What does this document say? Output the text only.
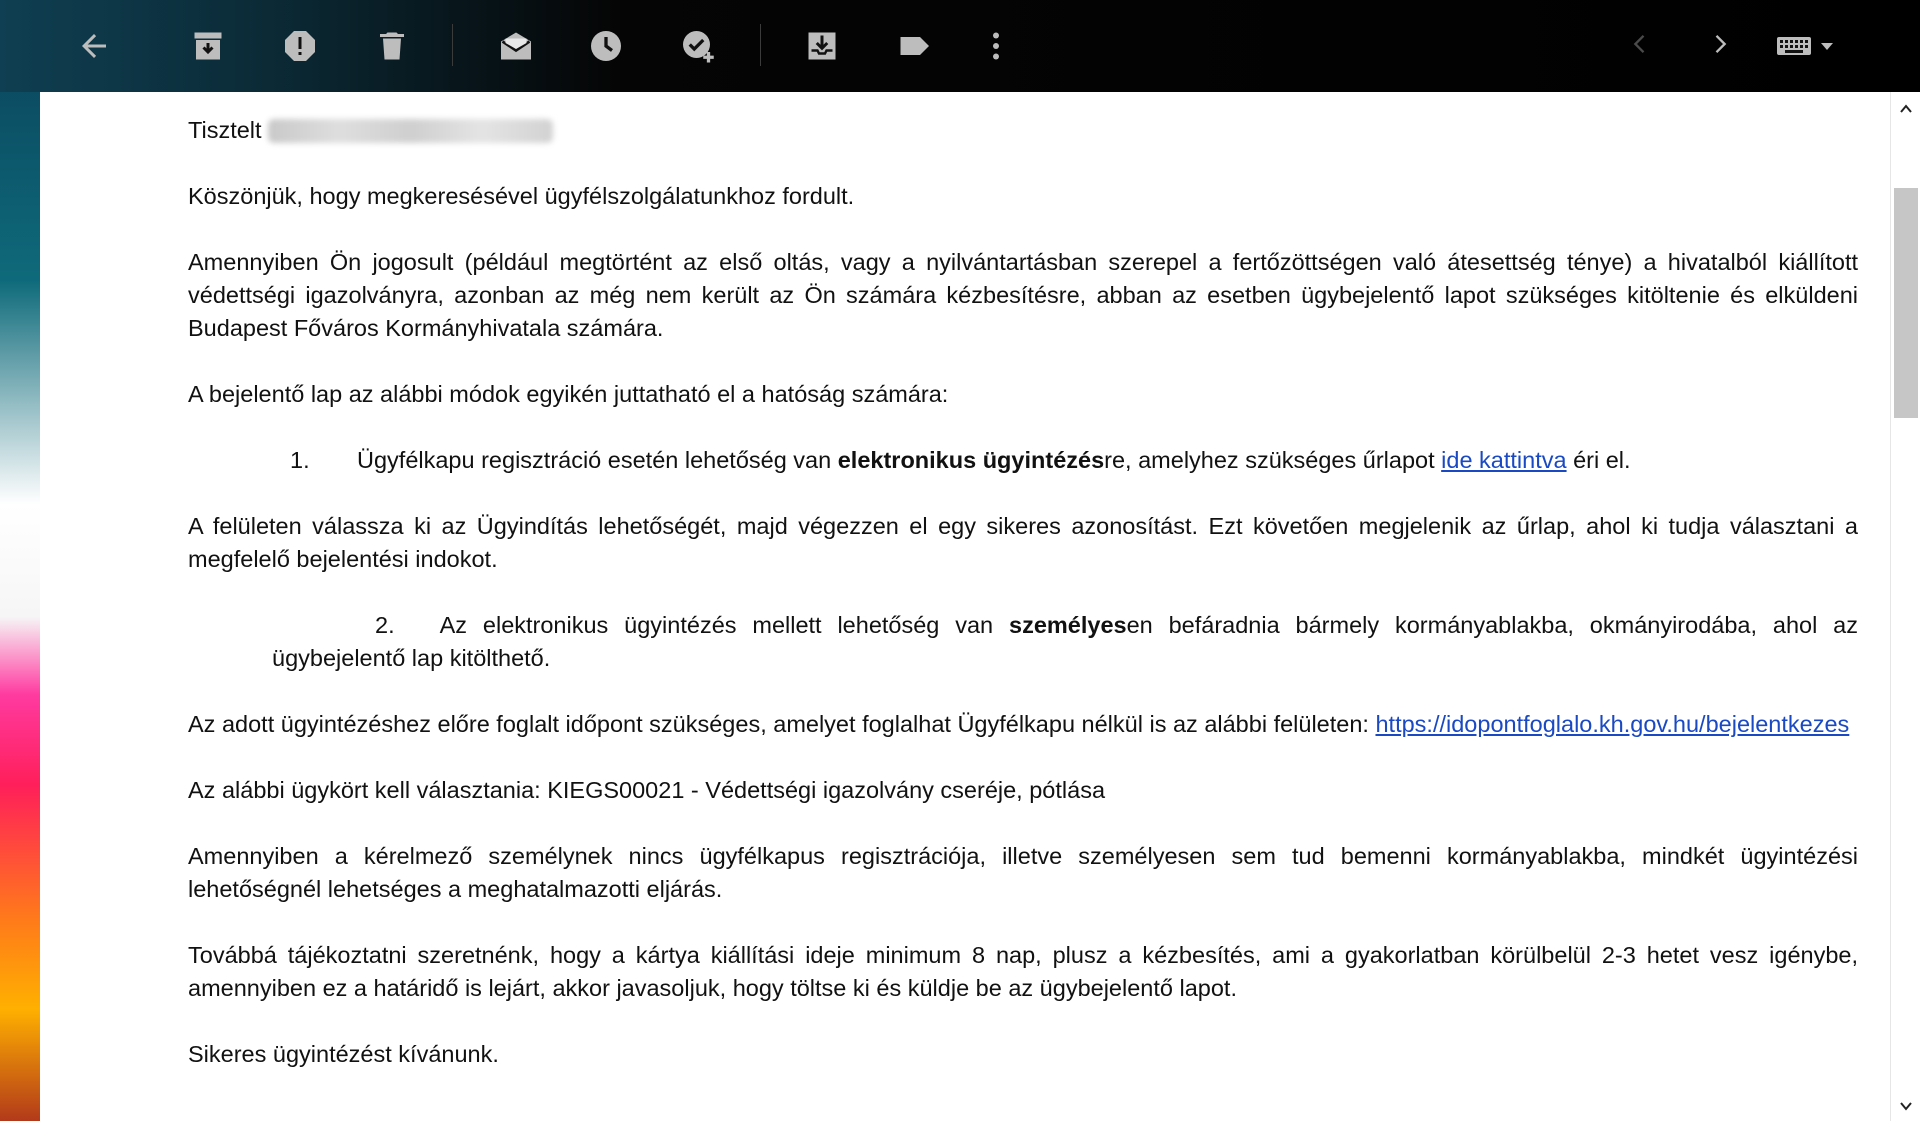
Tisztelt

Köszönjük, hogy megkeresésével ügyfélszolgálatunkhoz fordult.

Amennyiben Ön jogosult (például megtörtént az első oltás, vagy a nyilvántartásban szerepel a fertőzöttségen való átesettség ténye) a hivatalból kiállított védettségi igazolványra, azonban az még nem került az Ön számára kézbesítésre, abban az esetben ügybejelentő lapot szükséges kitöltenie és elküldeni Budapest Főváros Kormányhivatala számára.

A bejelentő lap az alábbi módok egyikén juttatható el a hatóság számára:

1.	Ügyfélkapu regisztráció esetén lehetőség van elektronikus ügyintézésre, amelyhez szükséges űrlapot ide kattintva éri el.

A felületen válassza ki az Ügyindítás lehetőségét, majd végezzen el egy sikeres azonosítást. Ezt követően megjelenik az űrlap, ahol ki tudja választani a megfelelő bejelentési indokot.

2. Az elektronikus ügyintézés mellett lehetőség van személyesen befáradnia bármely kormányablakba, okmányirodába, ahol az ügybejelentő lap kitölthető.

Az adott ügyintézéshez előre foglalt időpont szükséges, amelyet foglalhat Ügyfélkapu nélkül is az alábbi felületen: https://idopontfoglalo.kh.gov.hu/bejelentkezes

Az alábbi ügykört kell választania: KIEGS00021 - Védettségi igazolvány cseréje, pótlása

Amennyiben a kérelmező személynek nincs ügyfélkapus regisztrációja, illetve személyesen sem tud bemenni kormányablakba, mindkét ügyintézési lehetőségnél lehetséges a meghatalmazotti eljárás.

Továbbá tájékoztatni szeretnénk, hogy a kártya kiállítási ideje minimum 8 nap, plusz a kézbesítés, ami a gyakorlatban körülbelül 2-3 hetet vesz igénybe, amennyiben ez a határidő is lejárt, akkor javasoljuk, hogy töltse ki és küldje be az ügybejelentő lapot.

Sikeres ügyintézést kívánunk.
